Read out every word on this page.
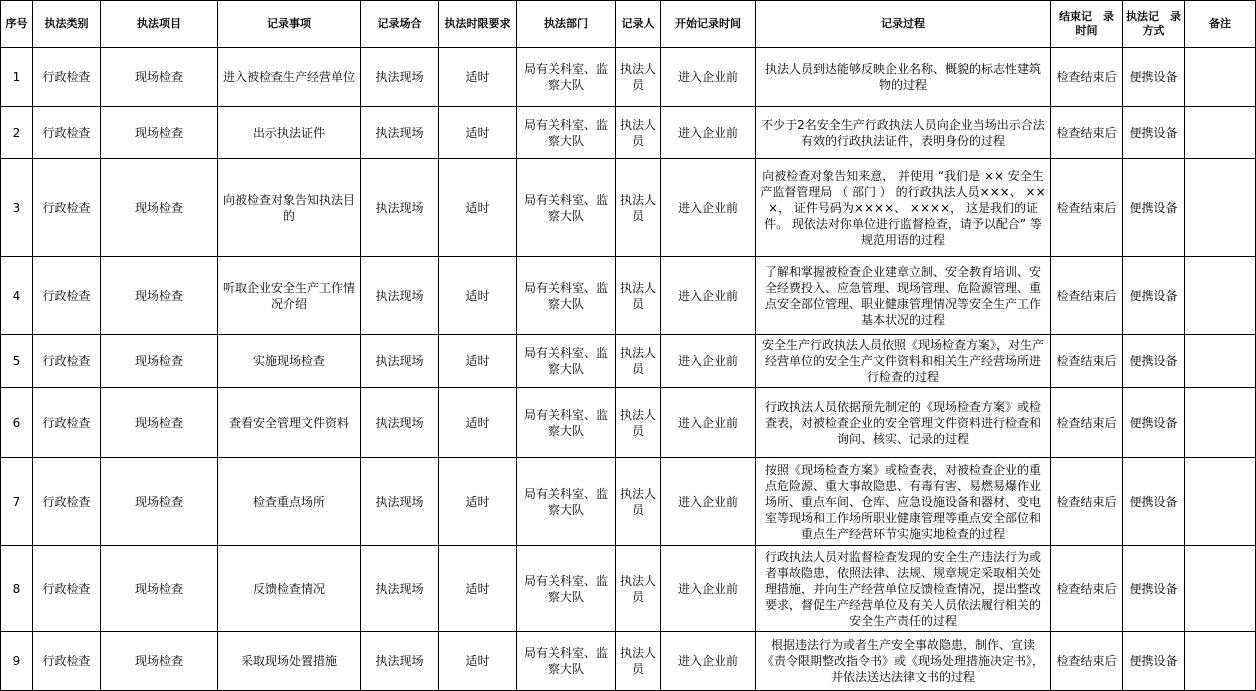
序号	执法类别	执法项目	记录事项	记录场合	执法时限要求	执法部门	记录人	开始记录时间	记录过程	结束记　录　时间	执法记　录　方式	备注
1	行政检查	现场检查	进入被检查生产经营单位	执法现场	适时	局有关科室、监察大队	执法人员	进入企业前	执法人员到达能够反映企业名称、概貌的标志性建筑物的过程	检查结束后	便携设备	
2	行政检查	现场检查	出示执法证件	执法现场	适时	局有关科室、监察大队	执法人员	进入企业前	不少于2名安全生产行政执法人员向企业当场出示合法有效的行政执法证件，表明身份的过程	检查结束后	便携设备	
3	行政检查	现场检查	向被检查对象告知执法目的	执法现场	适时	局有关科室、监察大队	执法人员	进入企业前	向被检查对象告知来意， 并使用 “我们是 ×× 安全生产监督管理局 （ 部门 ） 的行政执法人员×××、 ×××， 证件号码为××××、 ××××， 这是我们的证件。 现依法对你单位进行监督检查，请予以配合” 等规范用语的过程	检查结束后	便携设备	
4	行政检查	现场检查	听取企业安全生产工作情况介绍	执法现场	适时	局有关科室、监察大队	执法人员	进入企业前	了解和掌握被检查企业建章立制、安全教育培训、安全经费投入、应急管理、现场管理、危险源管理、重点安全部位管理、职业健康管理情况等安全生产工作基本状况的过程	检查结束后	便携设备	
5	行政检查	现场检查	实施现场检查	执法现场	适时	局有关科室、监察大队	执法人员	进入企业前	安全生产行政执法人员依照《现场检查方案》，对生产经营单位的安全生产文件资料和相关生产经营场所进行检查的过程	检查结束后	便携设备	
6	行政检查	现场检查	查看安全管理文件资料	执法现场	适时	局有关科室、监察大队	执法人员	进入企业前	行政执法人员依据预先制定的《现场检查方案》或检查表，对被检查企业的安全管理文件资料进行检查和询问、核实、记录的过程	检查结束后	便携设备	
7	行政检查	现场检查	检查重点场所	执法现场	适时	局有关科室、监察大队	执法人员	进入企业前	按照《现场检查方案》或检查表，对被检查企业的重点危险源、重大事故隐患、有毒有害、易燃易爆作业场所、重点车间、仓库、应急设施设备和器材、变电室等现场和工作场所职业健康管理等重点安全部位和重点生产经营环节实施实地检查的过程	检查结束后	便携设备	
8	行政检查	现场检查	反馈检查情况	执法现场	适时	局有关科室、监察大队	执法人员	进入企业前	行政执法人员对监督检查发现的安全生产违法行为或者事故隐患，依照法律、法规、规章规定采取相关处理措施，并向生产经营单位反馈检查情况，提出整改要求，督促生产经营单位及有关人员依法履行相关的安全生产责任的过程	检查结束后	便携设备	
9	行政检查	现场检查	采取现场处置措施	执法现场	适时	局有关科室、监察大队	执法人员	进入企业前	根据违法行为或者生产安全事故隐患，制作、宣读《责令限期整改指令书》或《现场处理措施决定书》，并依法送达法律文书的过程	检查结束后	便携设备	
